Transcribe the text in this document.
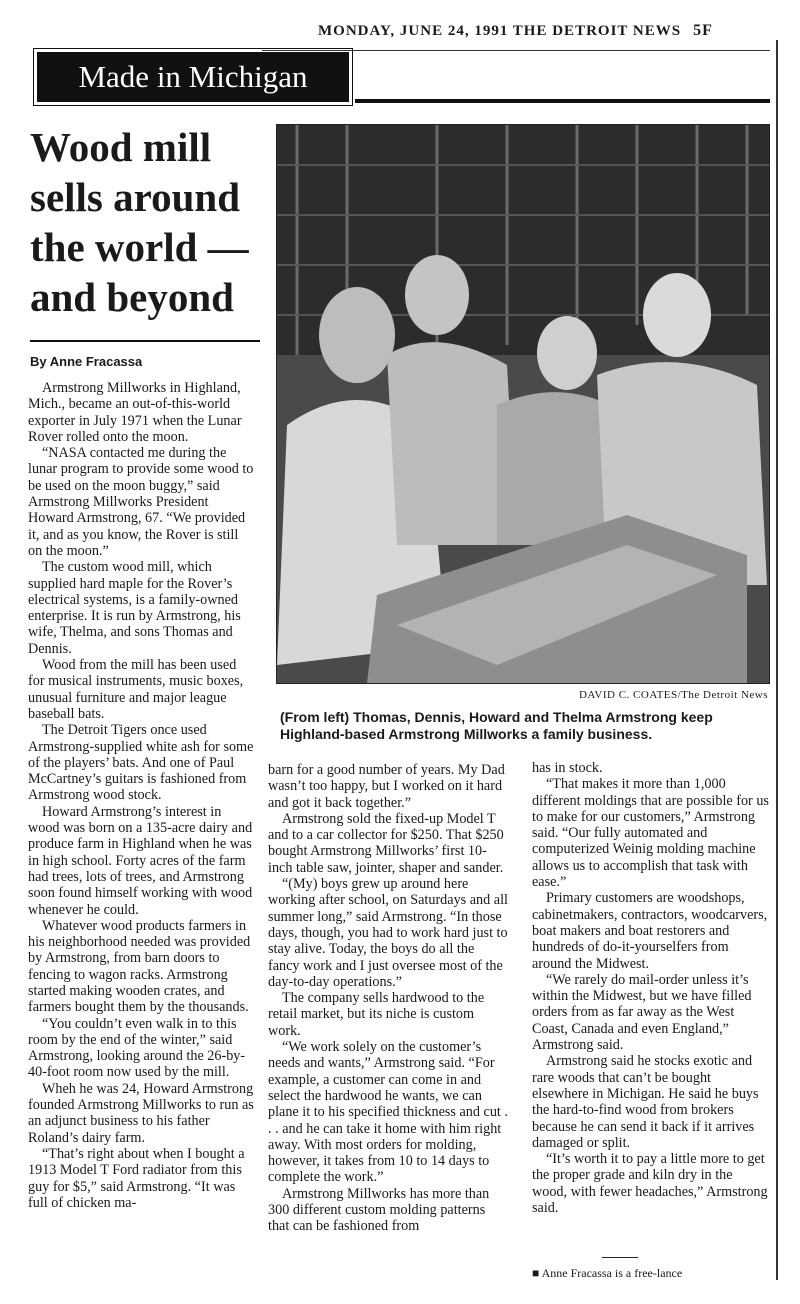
MONDAY, JUNE 24, 1991 THE DETROIT NEWS 5F
Made in Michigan
Wood mill
sells around
the world —
and beyond
By Anne Fracassa

Armstrong Millworks in Highland, Mich., became an out-of-this-world exporter in July 1971 when the Lunar Rover rolled onto the moon.

“NASA contacted me during the lunar program to provide some wood to be used on the moon buggy,” said Armstrong Millworks President Howard Armstrong, 67. “We provided it, and as you know, the Rover is still on the moon.”

The custom wood mill, which supplied hard maple for the Rover’s electrical systems, is a family-owned enterprise. It is run by Armstrong, his wife, Thelma, and sons Thomas and Dennis.

Wood from the mill has been used for musical instruments, music boxes, unusual furniture and major league baseball bats.

The Detroit Tigers once used Armstrong-supplied white ash for some of the players’ bats. And one of Paul McCartney’s guitars is fashioned from Armstrong wood stock.

Howard Armstrong’s interest in wood was born on a 135-acre dairy and produce farm in Highland when he was in high school. Forty acres of the farm had trees, lots of trees, and Armstrong soon found himself working with wood whenever he could.

Whatever wood products farmers in his neighborhood needed was provided by Armstrong, from barn doors to fencing to wagon racks. Armstrong started making wooden crates, and farmers bought them by the thousands.

“You couldn’t even walk in to this room by the end of the winter,” said Armstrong, looking around the 26-by-40-foot room now used by the mill.

Wheh he was 24, Howard Armstrong founded Armstrong Millworks to run as an adjunct business to his father Roland’s dairy farm.

“That’s right about when I bought a 1913 Model T Ford radiator from this guy for $5,” said Armstrong. “It was full of chicken ma-

barn for a good number of years. My Dad wasn’t too happy, but I worked on it hard and got it back together.”

Armstrong sold the fixed-up Model T and to a car collector for $250. That $250 bought Armstrong Millworks’ first 10-inch table saw, jointer, shaper and sander.

“(My) boys grew up around here working after school, on Saturdays and all summer long,” said Armstrong. “In those days, though, you had to work hard just to stay alive. Today, the boys do all the fancy work and I just oversee most of the day-to-day operations.”

The company sells hardwood to the retail market, but its niche is custom work.

“We work solely on the customer’s needs and wants,” Armstrong said. “For example, a customer can come in and select the hardwood he wants, we can plane it to his specified thickness and cut . . . and he can take it home with him right away. With most orders for molding, however, it takes from 10 to 14 days to complete the work.”

Armstrong Millworks has more than 300 different custom molding patterns that can be fashioned from

has in stock.

“That makes it more than 1,000 different moldings that are possible for us to make for our customers,” Armstrong said. “Our fully automated and computerized Weinig molding machine allows us to accomplish that task with ease.”

Primary customers are woodshops, cabinetmakers, contractors, woodcarvers, boat makers and boat restorers and hundreds of do-it-yourselfers from around the Midwest.

“We rarely do mail-order unless it’s within the Midwest, but we have filled orders from as far away as the West Coast, Canada and even England,” Armstrong said.

Armstrong said he stocks exotic and rare woods that can’t be bought elsewhere in Michigan. He said he buys the hard-to-find wood from brokers because he can send it back if it arrives damaged or split.

“It’s worth it to pay a little more to get the proper grade and kiln dry in the wood, with fewer headaches,” Armstrong said.

DAVID C. COATES/The Detroit News
(From left) Thomas, Dennis, Howard and Thelma Armstrong keep Highland-based Armstrong Millworks a family business.
■ Anne Fracassa is a free-lance
